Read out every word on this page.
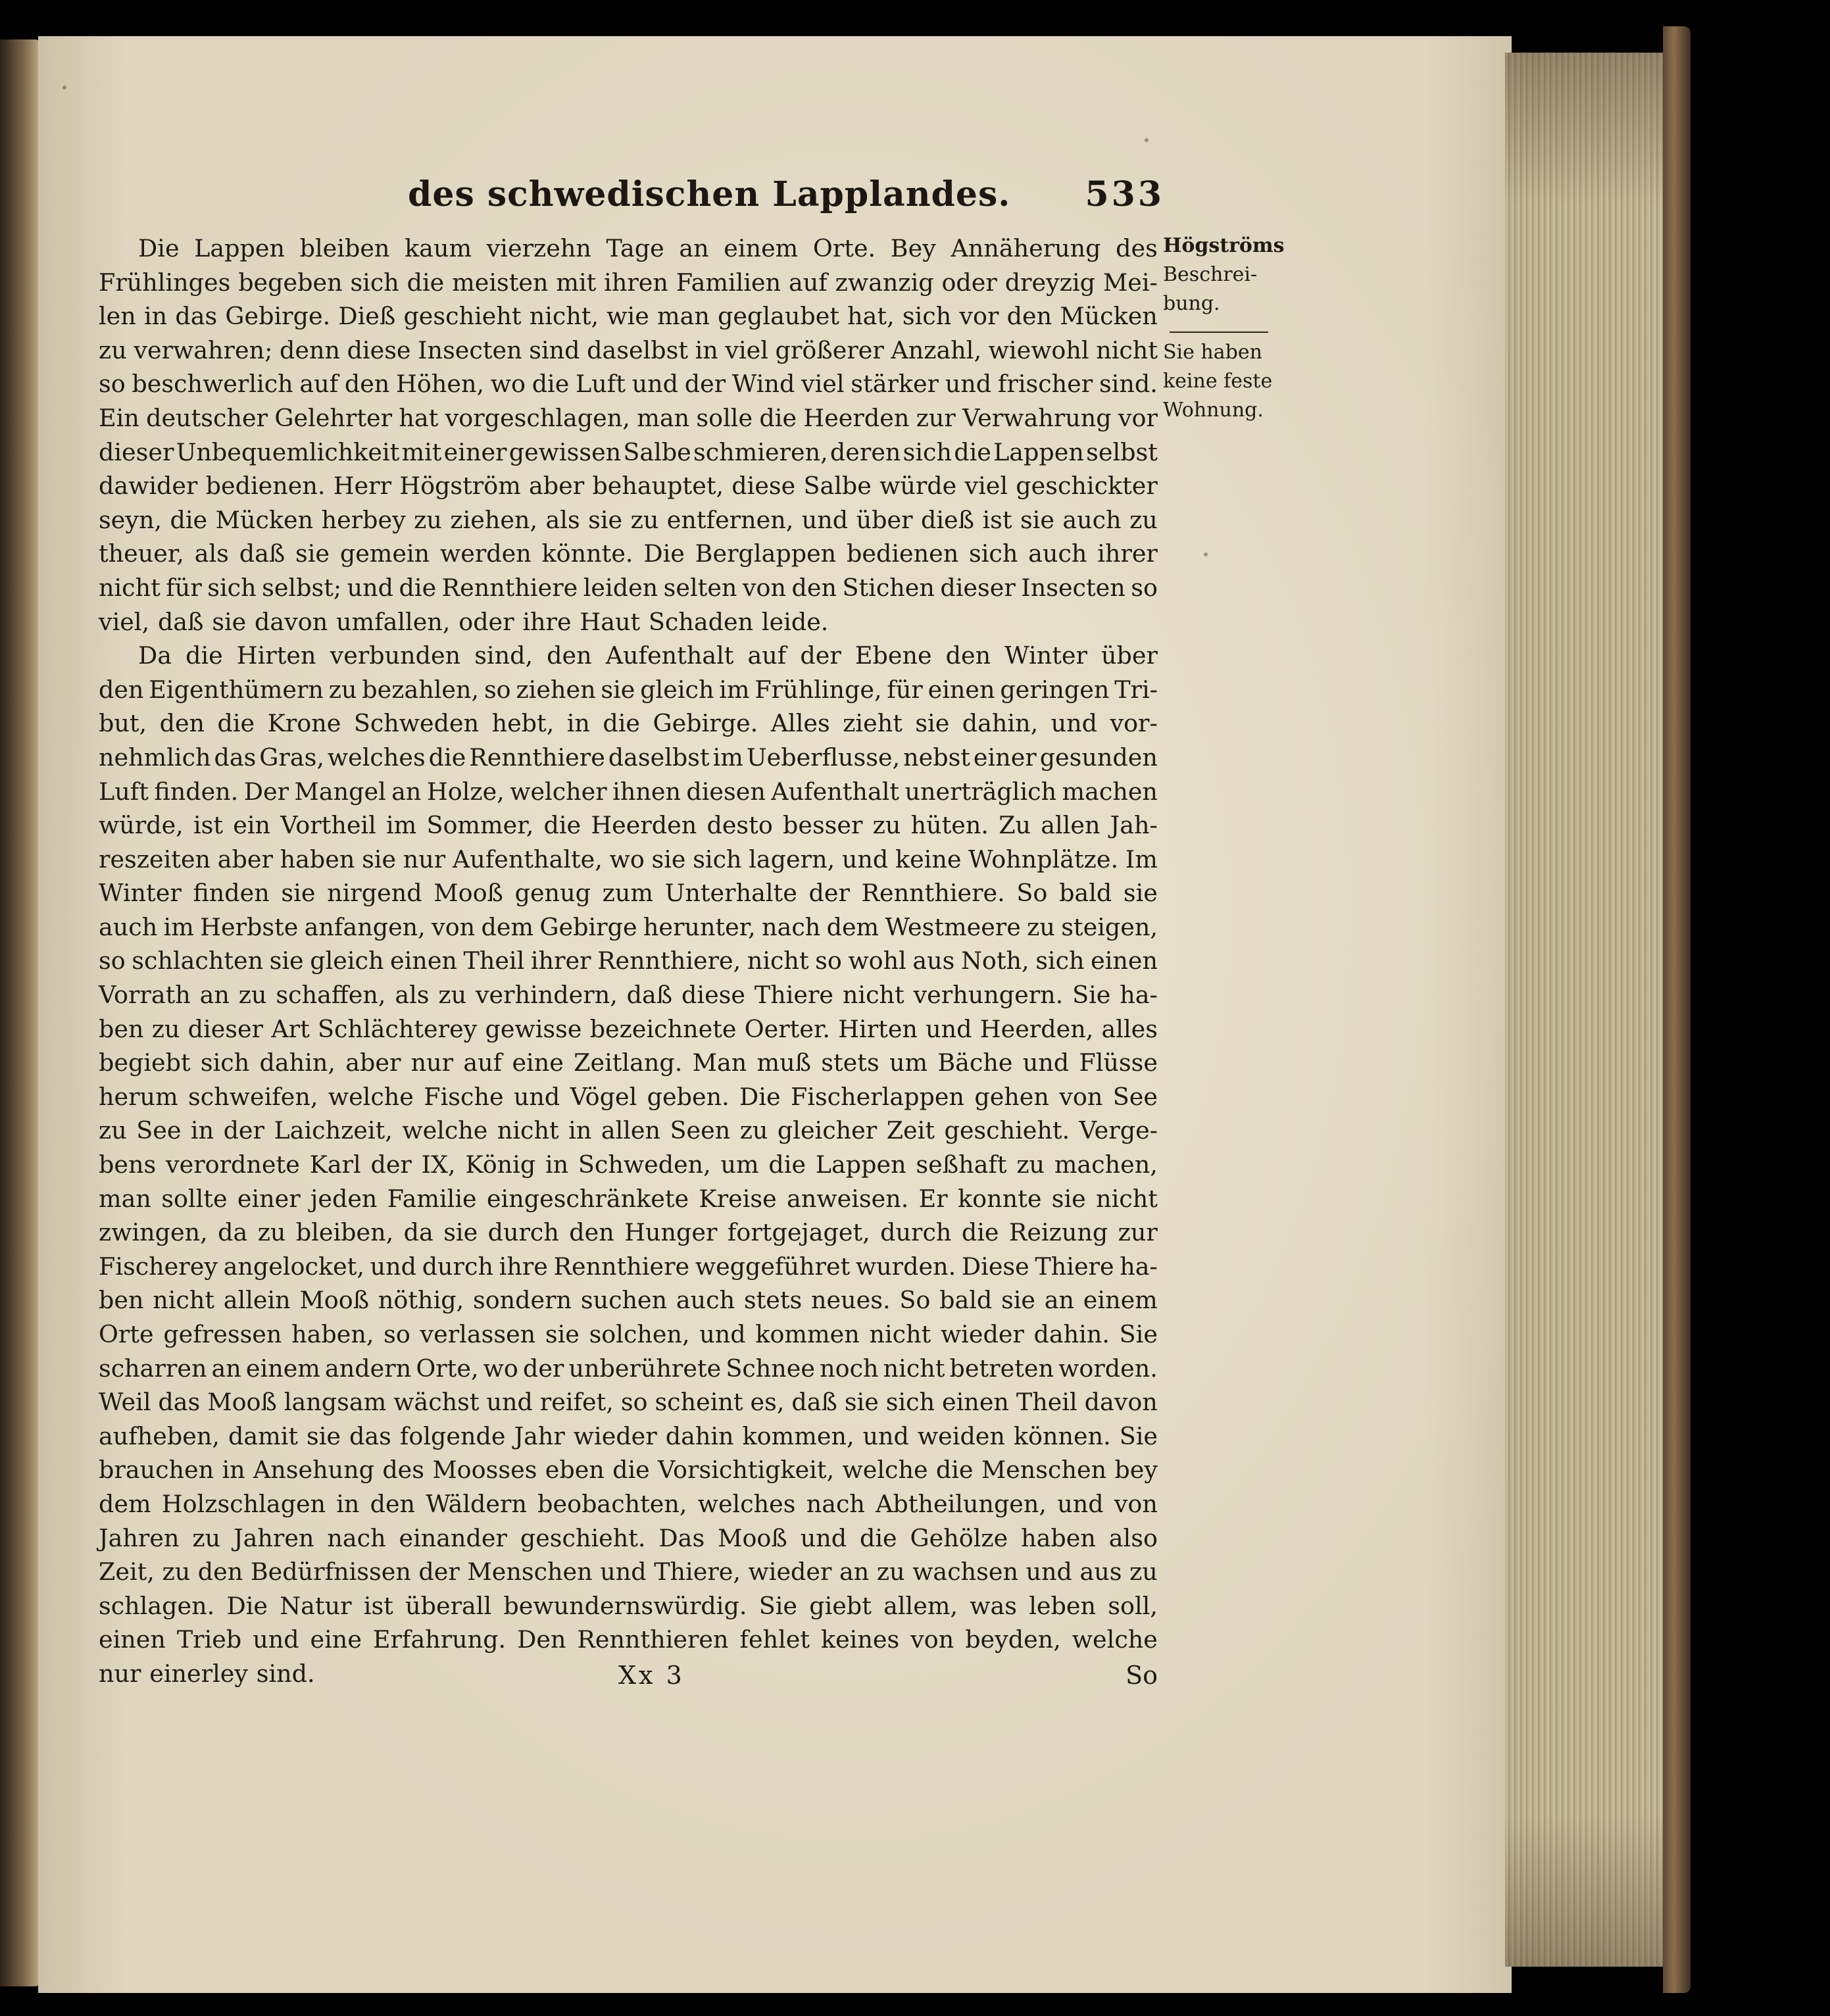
des schwedischen Lapplandes. 533
Die Lappen bleiben kaum vierzehn Tage an einem Orte. Bey Annäherung des
Frühlinges begeben sich die meisten mit ihren Familien auf zwanzig oder dreyzig Mei-
len in das Gebirge. Dieß geschieht nicht, wie man geglaubet hat, sich vor den Mücken
zu verwahren; denn diese Insecten sind daselbst in viel größerer Anzahl, wiewohl nicht
so beschwerlich auf den Höhen, wo die Luft und der Wind viel stärker und frischer sind.
Ein deutscher Gelehrter hat vorgeschlagen, man solle die Heerden zur Verwahrung vor
dieser Unbequemlichkeit mit einer gewissen Salbe schmieren, deren sich die Lappen selbst
dawider bedienen. Herr Högström aber behauptet, diese Salbe würde viel geschickter
seyn, die Mücken herbey zu ziehen, als sie zu entfernen, und über dieß ist sie auch zu
theuer, als daß sie gemein werden könnte. Die Berglappen bedienen sich auch ihrer
nicht für sich selbst; und die Rennthiere leiden selten von den Stichen dieser Insecten so
viel, daß sie davon umfallen, oder ihre Haut Schaden leide.
Da die Hirten verbunden sind, den Aufenthalt auf der Ebene den Winter über
den Eigenthümern zu bezahlen, so ziehen sie gleich im Frühlinge, für einen geringen Tri-
but, den die Krone Schweden hebt, in die Gebirge. Alles zieht sie dahin, und vor-
nehmlich das Gras, welches die Rennthiere daselbst im Ueberflusse, nebst einer gesunden
Luft finden. Der Mangel an Holze, welcher ihnen diesen Aufenthalt unerträglich machen
würde, ist ein Vortheil im Sommer, die Heerden desto besser zu hüten. Zu allen Jah-
reszeiten aber haben sie nur Aufenthalte, wo sie sich lagern, und keine Wohnplätze. Im
Winter finden sie nirgend Mooß genug zum Unterhalte der Rennthiere. So bald sie
auch im Herbste anfangen, von dem Gebirge herunter, nach dem Westmeere zu steigen,
so schlachten sie gleich einen Theil ihrer Rennthiere, nicht so wohl aus Noth, sich einen
Vorrath an zu schaffen, als zu verhindern, daß diese Thiere nicht verhungern. Sie ha-
ben zu dieser Art Schlächterey gewisse bezeichnete Oerter. Hirten und Heerden, alles
begiebt sich dahin, aber nur auf eine Zeitlang. Man muß stets um Bäche und Flüsse
herum schweifen, welche Fische und Vögel geben. Die Fischerlappen gehen von See
zu See in der Laichzeit, welche nicht in allen Seen zu gleicher Zeit geschieht. Verge-
bens verordnete Karl der IX, König in Schweden, um die Lappen seßhaft zu machen,
man sollte einer jeden Familie eingeschränkete Kreise anweisen. Er konnte sie nicht
zwingen, da zu bleiben, da sie durch den Hunger fortgejaget, durch die Reizung zur
Fischerey angelocket, und durch ihre Rennthiere weggeführet wurden. Diese Thiere ha-
ben nicht allein Mooß nöthig, sondern suchen auch stets neues. So bald sie an einem
Orte gefressen haben, so verlassen sie solchen, und kommen nicht wieder dahin. Sie
scharren an einem andern Orte, wo der unberührete Schnee noch nicht betreten worden.
Weil das Mooß langsam wächst und reifet, so scheint es, daß sie sich einen Theil davon
aufheben, damit sie das folgende Jahr wieder dahin kommen, und weiden können. Sie
brauchen in Ansehung des Moosses eben die Vorsichtigkeit, welche die Menschen bey
dem Holzschlagen in den Wäldern beobachten, welches nach Abtheilungen, und von
Jahren zu Jahren nach einander geschieht. Das Mooß und die Gehölze haben also
Zeit, zu den Bedürfnissen der Menschen und Thiere, wieder an zu wachsen und aus zu
schlagen. Die Natur ist überall bewundernswürdig. Sie giebt allem, was leben soll,
einen Trieb und eine Erfahrung. Den Rennthieren fehlet keines von beyden, welche
nur einerley sind.
Högströms
Beschrei-
bung.
Sie haben
keine feste
Wohnung.
Xx 3	So
